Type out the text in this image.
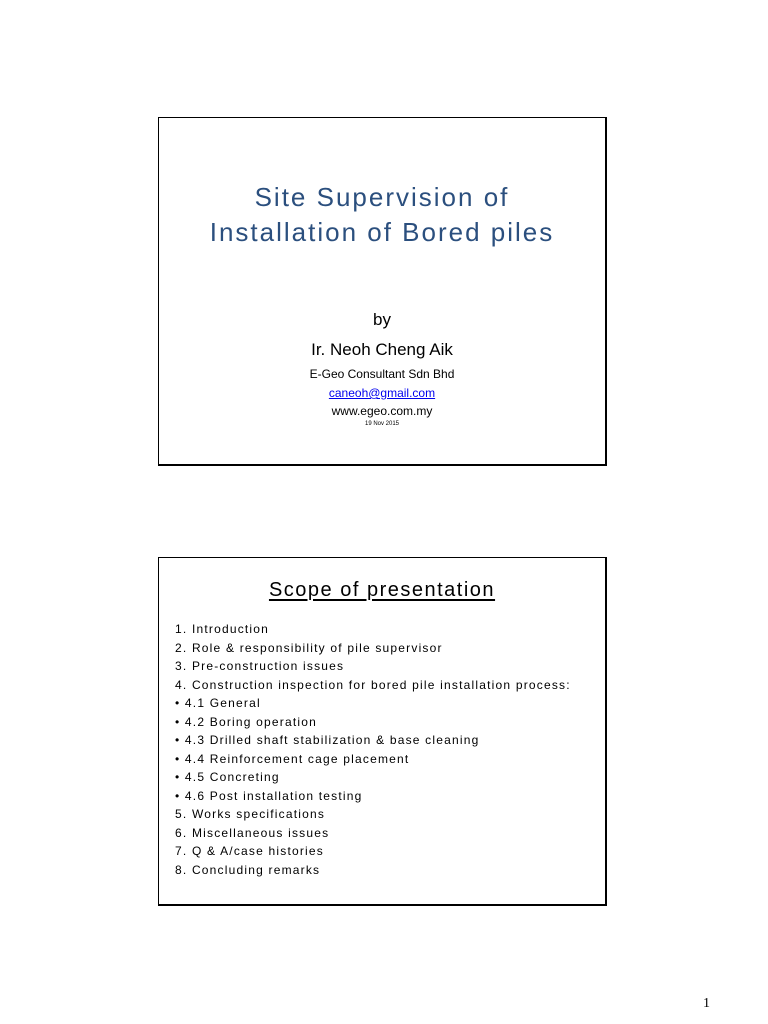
Site Supervision of
Installation of Bored piles
by
Ir. Neoh Cheng Aik
E-Geo Consultant Sdn Bhd
caneoh@gmail.com
www.egeo.com.my
19 Nov 2015
Scope of presentation
1. Introduction
2. Role & responsibility of pile supervisor
3. Pre-construction issues
4. Construction inspection for bored pile installation process:
• 4.1 General
• 4.2 Boring operation
• 4.3 Drilled shaft stabilization & base cleaning
• 4.4 Reinforcement cage placement
• 4.5 Concreting
• 4.6 Post installation testing
5. Works specifications
6. Miscellaneous issues
7. Q & A/case histories
8. Concluding remarks
1
